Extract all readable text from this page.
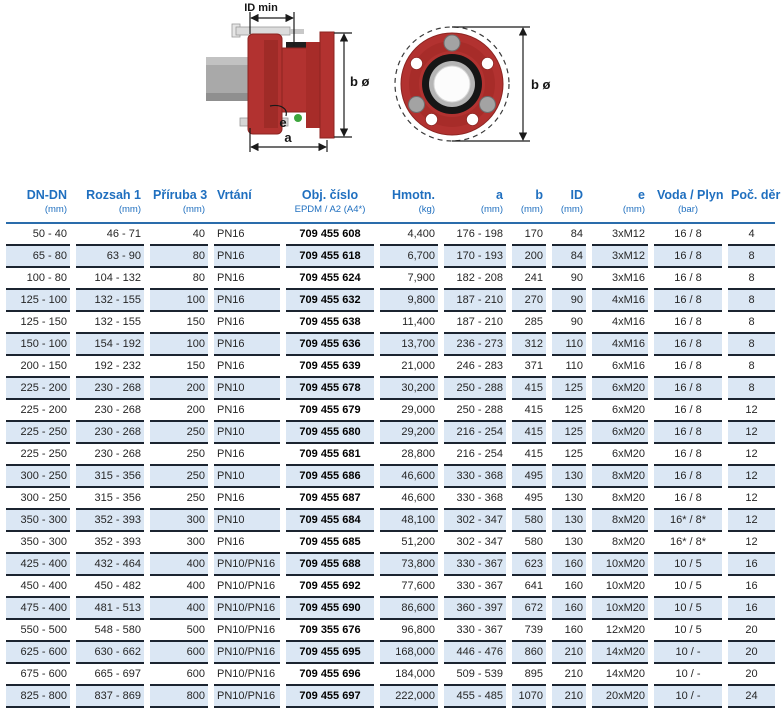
ID min
b ø
e
a
b ø
DN-DN	Rozsah 1	Příruba 3	Vrtání	Obj. číslo	Hmotn.	a	b	ID	e	Voda / Plyn	Poč. děr
(mm)	(mm)	(mm)		EPDM / A2 (A4*)	(kg)	(mm)	(mm)	(mm)	(mm)	(bar)	

50 - 40	46 - 71	40	PN16	709 455 608	4,400	176 - 198	170	84	3xM12	16 / 8	4
65 - 80	63 - 90	80	PN16	709 455 618	6,700	170 - 193	200	84	3xM12	16 / 8	8
100 - 80	104 - 132	80	PN16	709 455 624	7,900	182 - 208	241	90	3xM16	16 / 8	8
125 - 100	132 - 155	100	PN16	709 455 632	9,800	187 - 210	270	90	4xM16	16 / 8	8
125 - 150	132 - 155	150	PN16	709 455 638	11,400	187 - 210	285	90	4xM16	16 / 8	8
150 - 100	154 - 192	100	PN16	709 455 636	13,700	236 - 273	312	110	4xM16	16 / 8	8
200 - 150	192 - 232	150	PN16	709 455 639	21,000	246 - 283	371	110	6xM16	16 / 8	8
225 - 200	230 - 268	200	PN10	709 455 678	30,200	250 - 288	415	125	6xM20	16 / 8	8
225 - 200	230 - 268	200	PN16	709 455 679	29,000	250 - 288	415	125	6xM20	16 / 8	12
225 - 250	230 - 268	250	PN10	709 455 680	29,200	216 - 254	415	125	6xM20	16 / 8	12
225 - 250	230 - 268	250	PN16	709 455 681	28,800	216 - 254	415	125	6xM20	16 / 8	12
300 - 250	315 - 356	250	PN10	709 455 686	46,600	330 - 368	495	130	8xM20	16 / 8	12
300 - 250	315 - 356	250	PN16	709 455 687	46,600	330 - 368	495	130	8xM20	16 / 8	12
350 - 300	352 - 393	300	PN10	709 455 684	48,100	302 - 347	580	130	8xM20	16* / 8*	12
350 - 300	352 - 393	300	PN16	709 455 685	51,200	302 - 347	580	130	8xM20	16* / 8*	12
425 - 400	432 - 464	400	PN10/PN16	709 455 688	73,800	330 - 367	623	160	10xM20	10 / 5	16
450 - 400	450 - 482	400	PN10/PN16	709 455 692	77,600	330 - 367	641	160	10xM20	10 / 5	16
475 - 400	481 - 513	400	PN10/PN16	709 455 690	86,600	360 - 397	672	160	10xM20	10 / 5	16
550 - 500	548 - 580	500	PN10/PN16	709 355 676	96,800	330 - 367	739	160	12xM20	10 / 5	20
625 - 600	630 - 662	600	PN10/PN16	709 455 695	168,000	446 - 476	860	210	14xM20	10 / -	20
675 - 600	665 - 697	600	PN10/PN16	709 455 696	184,000	509 - 539	895	210	14xM20	10 / -	20
825 - 800	837 - 869	800	PN10/PN16	709 455 697	222,000	455 - 485	1070	210	20xM20	10 / -	24
